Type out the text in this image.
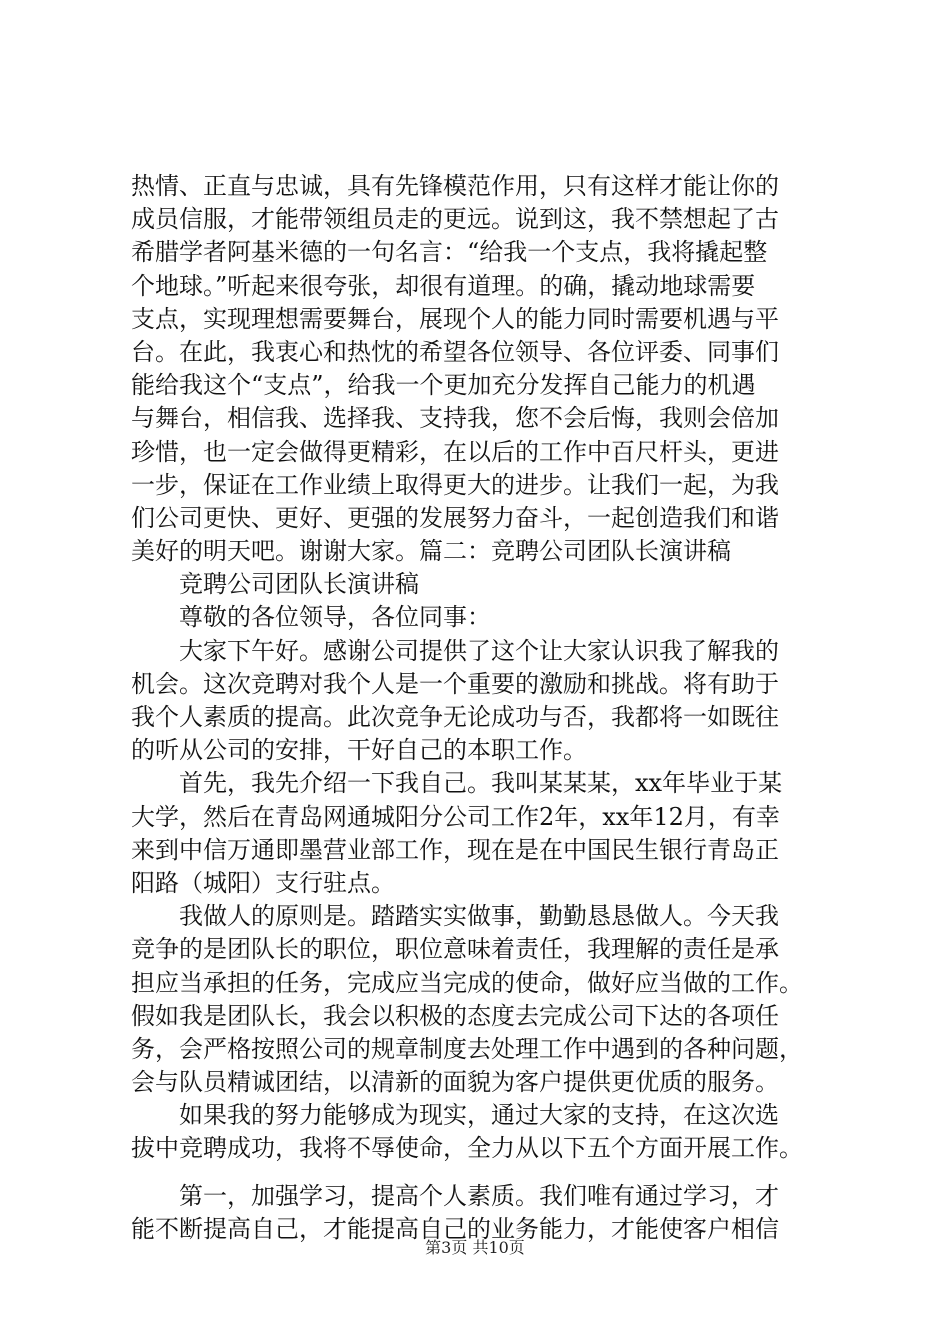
热情、正直与忠诚，具有先锋模范作用，只有这样才能让你的
成员信服，才能带领组员走的更远。说到这，我不禁想起了古
希腊学者阿基米德的一句名言：“给我一个支点，我将撬起整
个地球。”听起来很夸张，却很有道理。的确，撬动地球需要
支点，实现理想需要舞台，展现个人的能力同时需要机遇与平
台。在此，我衷心和热忱的希望各位领导、各位评委、同事们
能给我这个“支点”，给我一个更加充分发挥自己能力的机遇
与舞台，相信我、选择我、支持我，您不会后悔，我则会倍加
珍惜，也一定会做得更精彩，在以后的工作中百尺杆头，更进
一步，保证在工作业绩上取得更大的进步。让我们一起，为我
们公司更快、更好、更强的发展努力奋斗，一起创造我们和谐
美好的明天吧。谢谢大家。篇二：竞聘公司团队长演讲稿
竞聘公司团队长演讲稿
尊敬的各位领导，各位同事：
大家下午好。感谢公司提供了这个让大家认识我了解我的
机会。这次竞聘对我个人是一个重要的激励和挑战。将有助于
我个人素质的提高。此次竞争无论成功与否，我都将一如既往
的听从公司的安排，干好自己的本职工作。
首先，我先介绍一下我自己。我叫某某某，xx年毕业于某
大学，然后在青岛网通城阳分公司工作2年，xx年12月，有幸
来到中信万通即墨营业部工作，现在是在中国民生银行青岛正
阳路（城阳）支行驻点。
我做人的原则是。踏踏实实做事，勤勤恳恳做人。今天我
竞争的是团队长的职位，职位意味着责任，我理解的责任是承
担应当承担的任务，完成应当完成的使命，做好应当做的工作。
假如我是团队长，我会以积极的态度去完成公司下达的各项任
务，会严格按照公司的规章制度去处理工作中遇到的各种问题，
会与队员精诚团结，以清新的面貌为客户提供更优质的服务。
如果我的努力能够成为现实，通过大家的支持，在这次选
拔中竞聘成功，我将不辱使命，全力从以下五个方面开展工作。
第一，加强学习，提高个人素质。我们唯有通过学习，才
能不断提高自己，才能提高自己的业务能力，才能使客户相信
第3页 共10页
